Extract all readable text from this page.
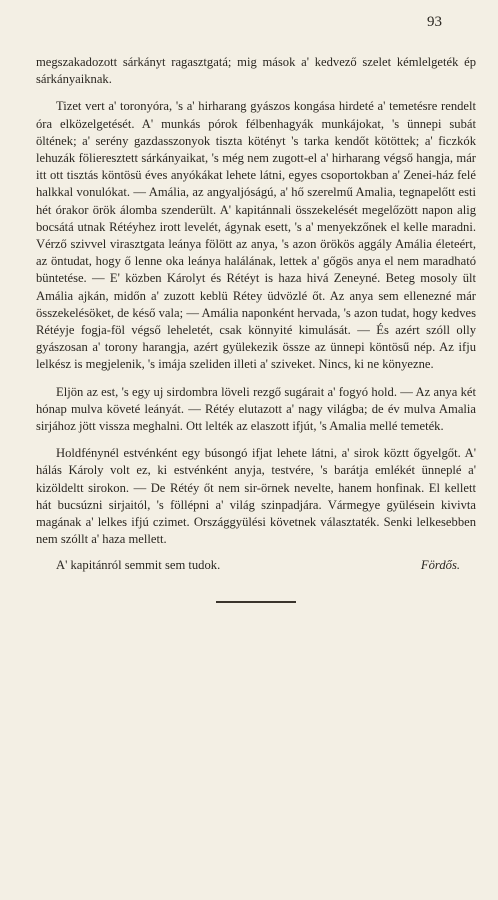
93

megszakadozott sárkányt ragasztgatá; mig mások a' kedvező szelet kémlelgeték ép sárkányaiknak.

Tizet vert a' toronyóra, 's a' hirharang gyászos kongása hirdeté a' temetésre rendelt óra elközelgetését. A' munkás pórok félbenhagyák munkájokat, 's ünnepi subát öltének; a' serény gazdasszonyok tiszta kötényt 's tarka kendőt kötöttek; a' ficzkók lehuzák fölieresztett sárkányaikat, 's még nem zugott-el a' hirharang végső hangja, már itt ott tisztás köntösü éves anyókákat lehete látni, egyes csoportokban a' Zenei-ház felé halkkal vonulókat. — Amália, az angyaljóságú, a' hő szerelmű Amalia, tegnapelőtt esti hét órakor örök álomba szenderült. A' kapitánnali összekelését megelőzött napon alig bocsátá utnak Rétéyhez irott levelét, ágynak esett, 's a' menyekzőnek el kelle maradni. Vérző szivvel virasztgata leánya fölött az anya, 's azon örökös aggály Amália életeért, az öntudat, hogy ő lenne oka leánya halálának, lettek a' gőgös anya el nem maradható büntetése. — E' közben Károlyt és Rétéyt is haza hivá Zeneyné. Beteg mosoly ült Amália ajkán, midőn a' zuzott keblü Rétey üdvözlé őt. Az anya sem ellenezné már összekelésöket, de késő vala; — Amália naponként hervada, 's azon tudat, hogy kedves Rétéyje fogja-föl végső leheletét, csak könnyité kimulását. — És azért szóll olly gyászosan a' torony harangja, azért gyülekezik össze az ünnepi köntösű nép. Az ifju lelkész is megjelenik, 's imája szeliden illeti a' sziveket. Nincs, ki ne könyezne.

Eljön az est, 's egy uj sirdombra löveli rezgő sugárait a' fogyó hold. — Az anya két hónap mulva követé leányát. — Rétéy elutazott a' nagy világba; de év mulva Amalia sirjához jött vissza meghalni. Ott lelték az elaszott ifjút, 's Amalia mellé temeték.

Holdfénynél estvénként egy búsongó ifjat lehete látni, a' sirok köztt őgyelgőt. A' hálás Károly volt ez, ki estvénként anyja, testvére, 's barátja emlékét ünneplé a' kizöldeltt sirokon. — De Rétéy őt nem sir-örnek nevelte, hanem honfinak. El kellett hát bucsúzni sirjaitól, 's föllépni a' világ szinpadjára. Vármegye gyülésein kivivta magának a' lelkes ifjú czimet. Országgyülési követnek választaték. Senki lelkesebben nem szóllt a' haza mellett.

A' kapitánról semmit sem tudok.	Fördős.
